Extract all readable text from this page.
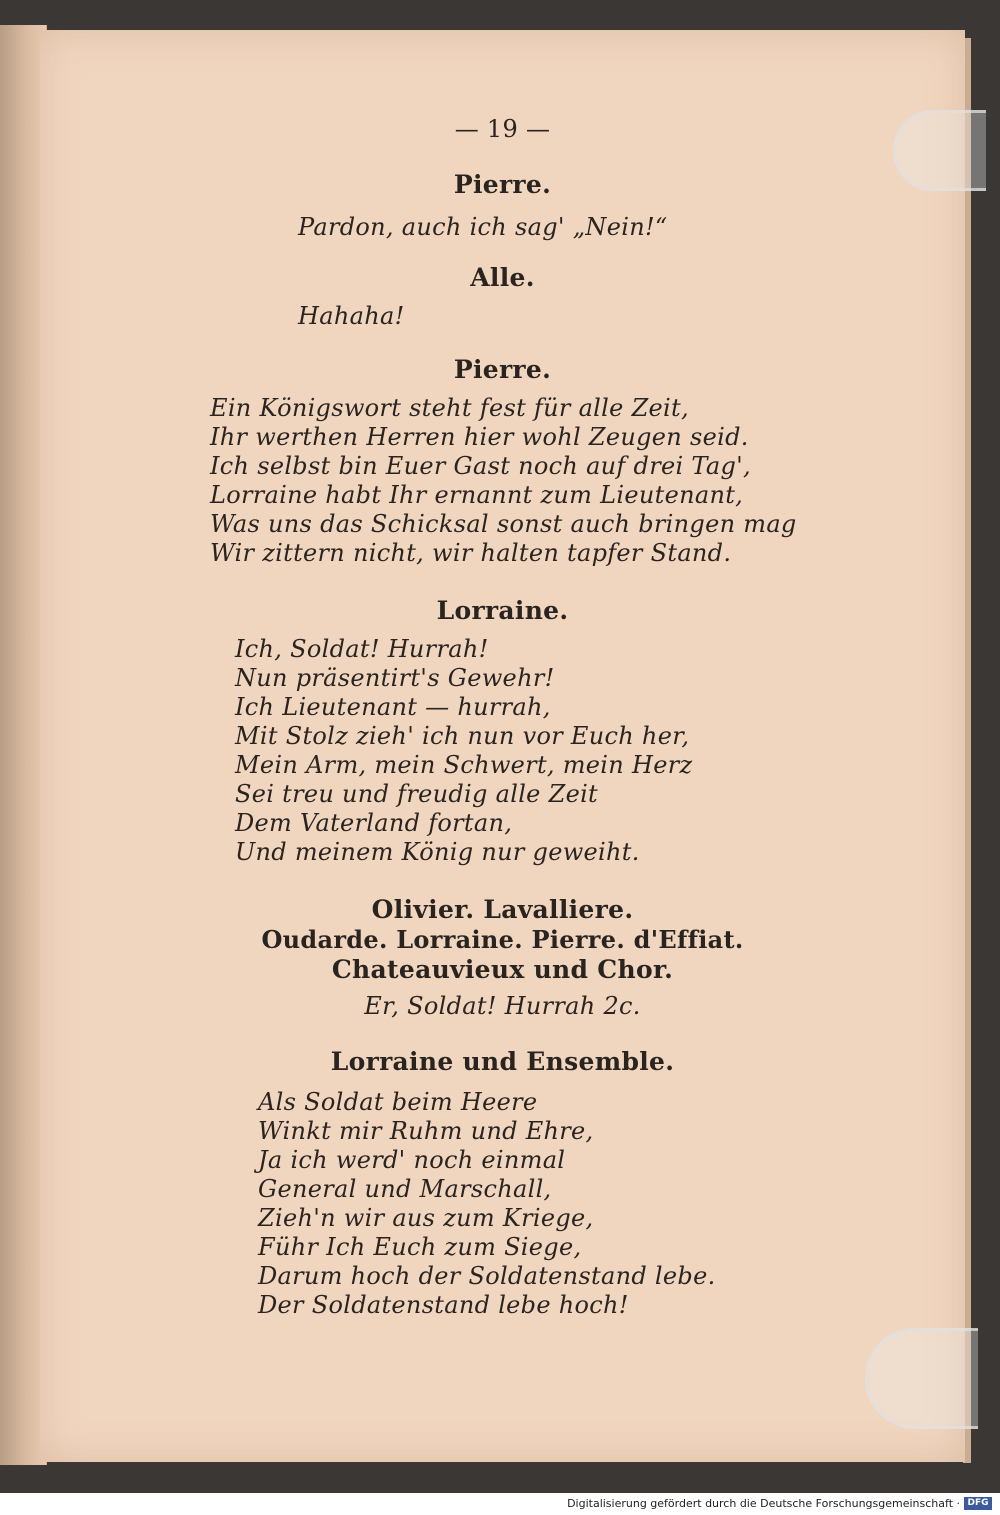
— 19 —
Pierre.
Pardon, auch ich sag' „Nein!“
Alle.
Hahaha!
Pierre.
Ein Königswort steht fest für alle Zeit,
Ihr werthen Herren hier wohl Zeugen seid.
Ich selbst bin Euer Gast noch auf drei Tag',
Lorraine habt Ihr ernannt zum Lieutenant,
Was uns das Schicksal sonst auch bringen mag
Wir zittern nicht, wir halten tapfer Stand.
Lorraine.
Ich, Soldat! Hurrah!
Nun präsentirt's Gewehr!
Ich Lieutenant — hurrah,
Mit Stolz zieh' ich nun vor Euch her,
Mein Arm, mein Schwert, mein Herz
Sei treu und freudig alle Zeit
Dem Vaterland fortan,
Und meinem König nur geweiht.
Olivier. Lavalliere.
Oudarde. Lorraine. Pierre. d'Effiat.
Chateauvieux und Chor.
Er, Soldat! Hurrah 2c.
Lorraine und Ensemble.
Als Soldat beim Heere
Winkt mir Ruhm und Ehre,
Ja ich werd' noch einmal
General und Marschall,
Zieh'n wir aus zum Kriege,
Führ Ich Euch zum Siege,
Darum hoch der Soldatenstand lebe.
Der Soldatenstand lebe hoch!
Digitalisierung gefördert durch die Deutsche Forschungsgemeinschaft · DFG
